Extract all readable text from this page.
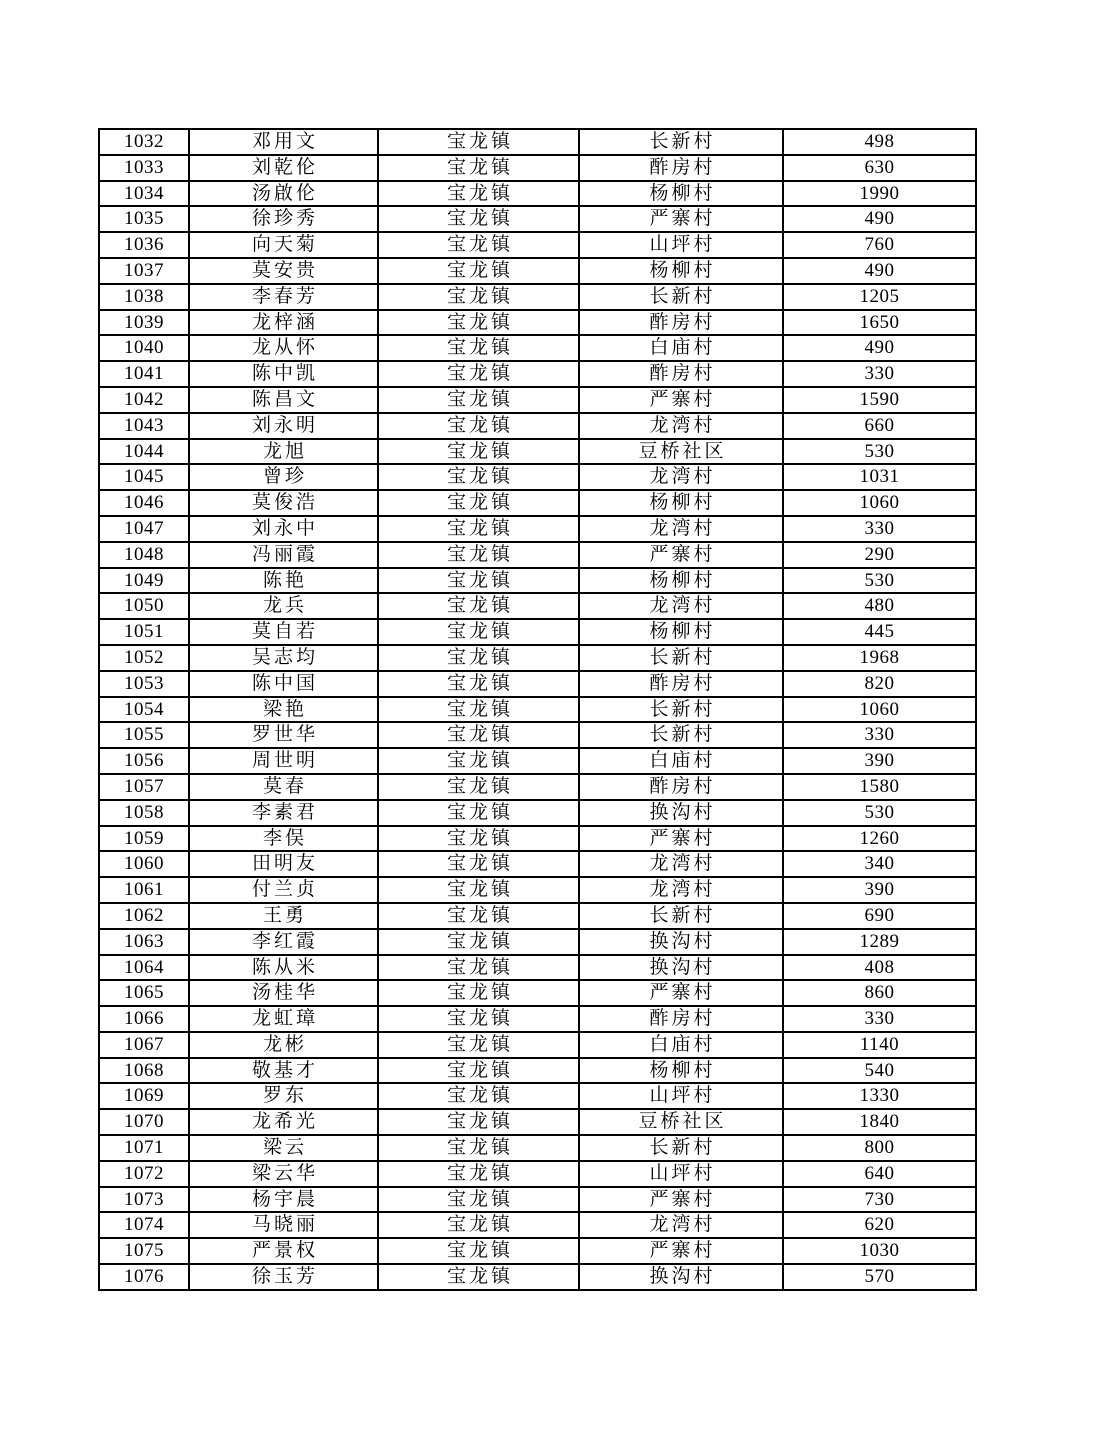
1032	邓用文	宝龙镇	长新村	498
1033	刘乾伦	宝龙镇	酢房村	630
1034	汤啟伦	宝龙镇	杨柳村	1990
1035	徐珍秀	宝龙镇	严寨村	490
1036	向天菊	宝龙镇	山坪村	760
1037	莫安贵	宝龙镇	杨柳村	490
1038	李春芳	宝龙镇	长新村	1205
1039	龙梓涵	宝龙镇	酢房村	1650
1040	龙从怀	宝龙镇	白庙村	490
1041	陈中凯	宝龙镇	酢房村	330
1042	陈昌文	宝龙镇	严寨村	1590
1043	刘永明	宝龙镇	龙湾村	660
1044	龙旭	宝龙镇	豆桥社区	530
1045	曾珍	宝龙镇	龙湾村	1031
1046	莫俊浩	宝龙镇	杨柳村	1060
1047	刘永中	宝龙镇	龙湾村	330
1048	冯丽霞	宝龙镇	严寨村	290
1049	陈艳	宝龙镇	杨柳村	530
1050	龙兵	宝龙镇	龙湾村	480
1051	莫自若	宝龙镇	杨柳村	445
1052	吴志均	宝龙镇	长新村	1968
1053	陈中国	宝龙镇	酢房村	820
1054	梁艳	宝龙镇	长新村	1060
1055	罗世华	宝龙镇	长新村	330
1056	周世明	宝龙镇	白庙村	390
1057	莫春	宝龙镇	酢房村	1580
1058	李素君	宝龙镇	换沟村	530
1059	李俣	宝龙镇	严寨村	1260
1060	田明友	宝龙镇	龙湾村	340
1061	付兰贞	宝龙镇	龙湾村	390
1062	王勇	宝龙镇	长新村	690
1063	李红霞	宝龙镇	换沟村	1289
1064	陈从米	宝龙镇	换沟村	408
1065	汤桂华	宝龙镇	严寨村	860
1066	龙虹璋	宝龙镇	酢房村	330
1067	龙彬	宝龙镇	白庙村	1140
1068	敬基才	宝龙镇	杨柳村	540
1069	罗东	宝龙镇	山坪村	1330
1070	龙希光	宝龙镇	豆桥社区	1840
1071	梁云	宝龙镇	长新村	800
1072	梁云华	宝龙镇	山坪村	640
1073	杨宇晨	宝龙镇	严寨村	730
1074	马晓丽	宝龙镇	龙湾村	620
1075	严景权	宝龙镇	严寨村	1030
1076	徐玉芳	宝龙镇	换沟村	570
